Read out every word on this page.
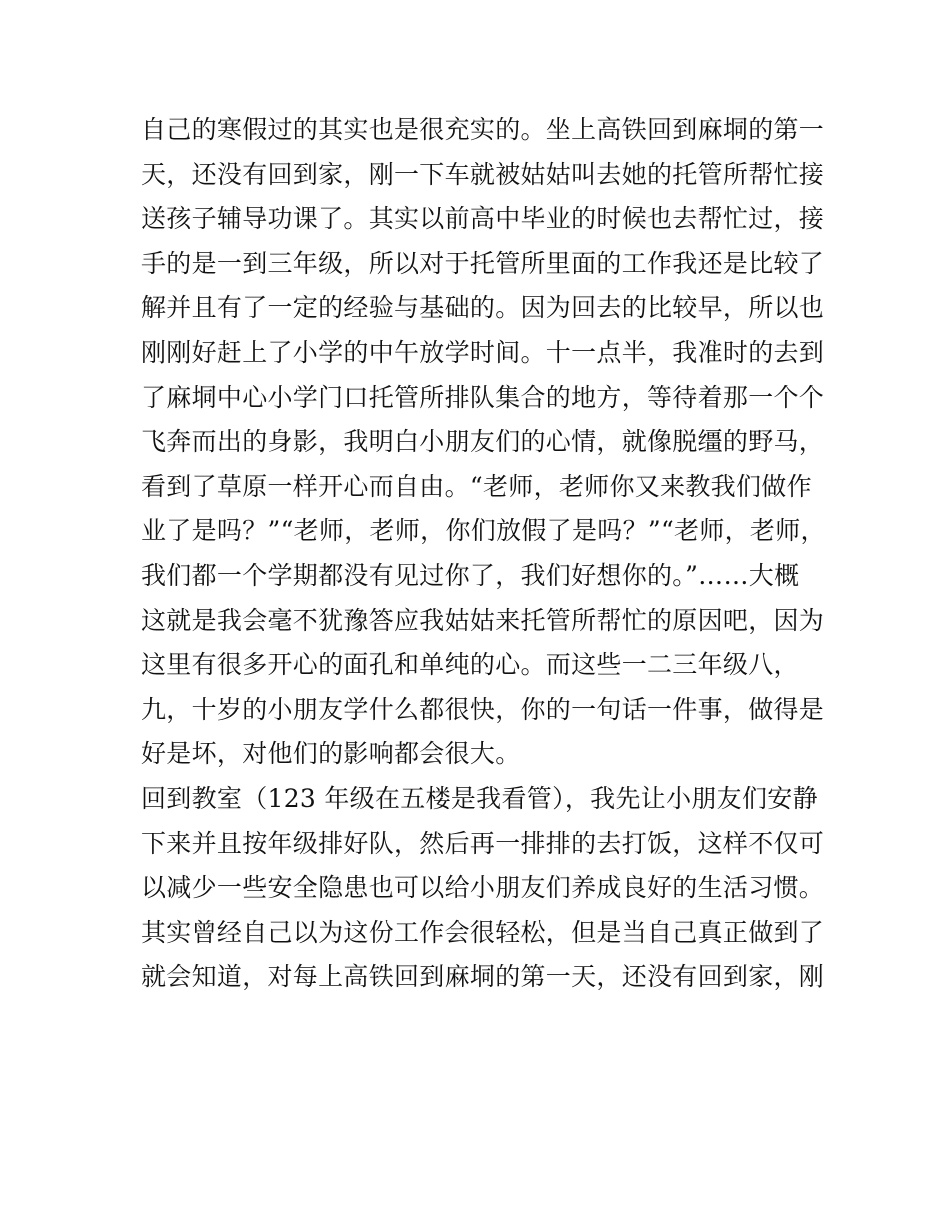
自己的寒假过的其实也是很充实的。坐上高铁回到麻垌的第一
天，还没有回到家，刚一下车就被姑姑叫去她的托管所帮忙接
送孩子辅导功课了。其实以前高中毕业的时候也去帮忙过，接
手的是一到三年级，所以对于托管所里面的工作我还是比较了
解并且有了一定的经验与基础的。因为回去的比较早，所以也
刚刚好赶上了小学的中午放学时间。十一点半，我准时的去到
了麻垌中心小学门口托管所排队集合的地方，等待着那一个个
飞奔而出的身影，我明白小朋友们的心情，就像脱缰的野马，
看到了草原一样开心而自由。“老师，老师你又来教我们做作
业了是吗？”“老师，老师，你们放假了是吗？”“老师，老师，
我们都一个学期都没有见过你了，我们好想你的。”……大概
这就是我会毫不犹豫答应我姑姑来托管所帮忙的原因吧，因为
这里有很多开心的面孔和单纯的心。而这些一二三年级八，
九，十岁的小朋友学什么都很快，你的一句话一件事，做得是
好是坏，对他们的影响都会很大。
回到教室（123 年级在五楼是我看管），我先让小朋友们安静
下来并且按年级排好队，然后再一排排的去打饭，这样不仅可
以减少一些安全隐患也可以给小朋友们养成良好的生活习惯。
其实曾经自己以为这份工作会很轻松，但是当自己真正做到了
就会知道，对每上高铁回到麻垌的第一天，还没有回到家，刚
